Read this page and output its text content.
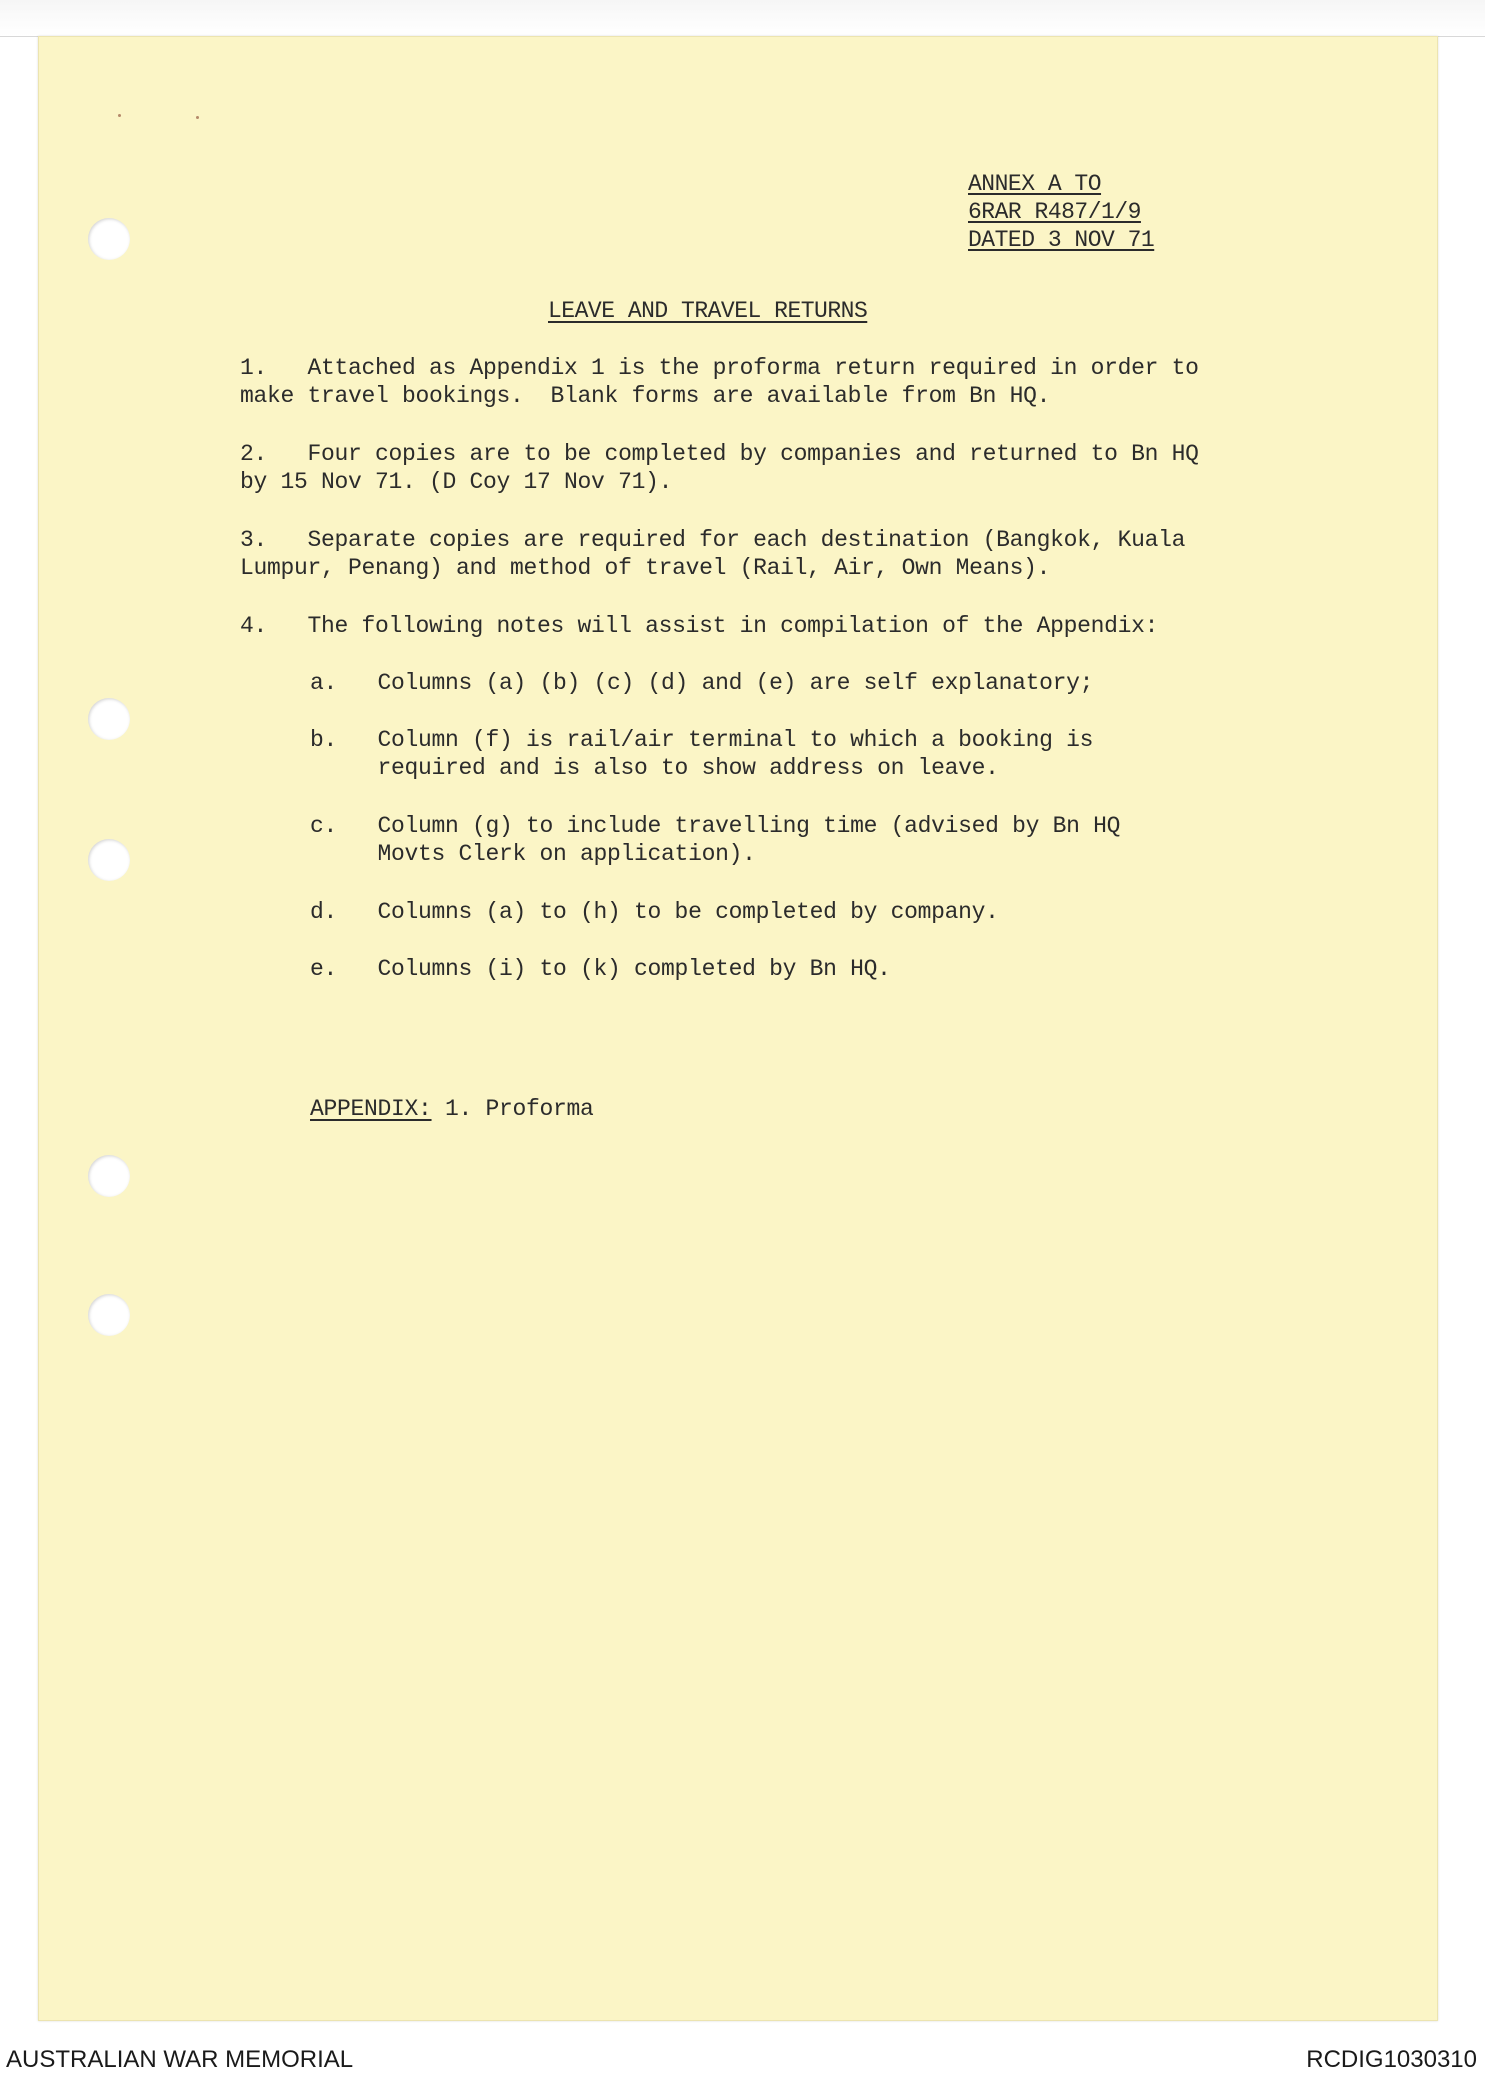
ANNEX A TO
6RAR R487/1/9
DATED 3 NOV 71
LEAVE AND TRAVEL RETURNS
1.   Attached as Appendix 1 is the proforma return required in order to
make travel bookings.  Blank forms are available from Bn HQ.
2.   Four copies are to be completed by companies and returned to Bn HQ
by 15 Nov 71. (D Coy 17 Nov 71).
3.   Separate copies are required for each destination (Bangkok, Kuala
Lumpur, Penang) and method of travel (Rail, Air, Own Means).
4.   The following notes will assist in compilation of the Appendix:
a.   Columns (a) (b) (c) (d) and (e) are self explanatory;
b.   Column (f) is rail/air terminal to which a booking is
required and is also to show address on leave.
c.   Column (g) to include travelling time (advised by Bn HQ
Movts Clerk on application).
d.   Columns (a) to (h) to be completed by company.
e.   Columns (i) to (k) completed by Bn HQ.
APPENDIX: 1. Proforma
AUSTRALIAN WAR MEMORIAL	RCDIG1030310
